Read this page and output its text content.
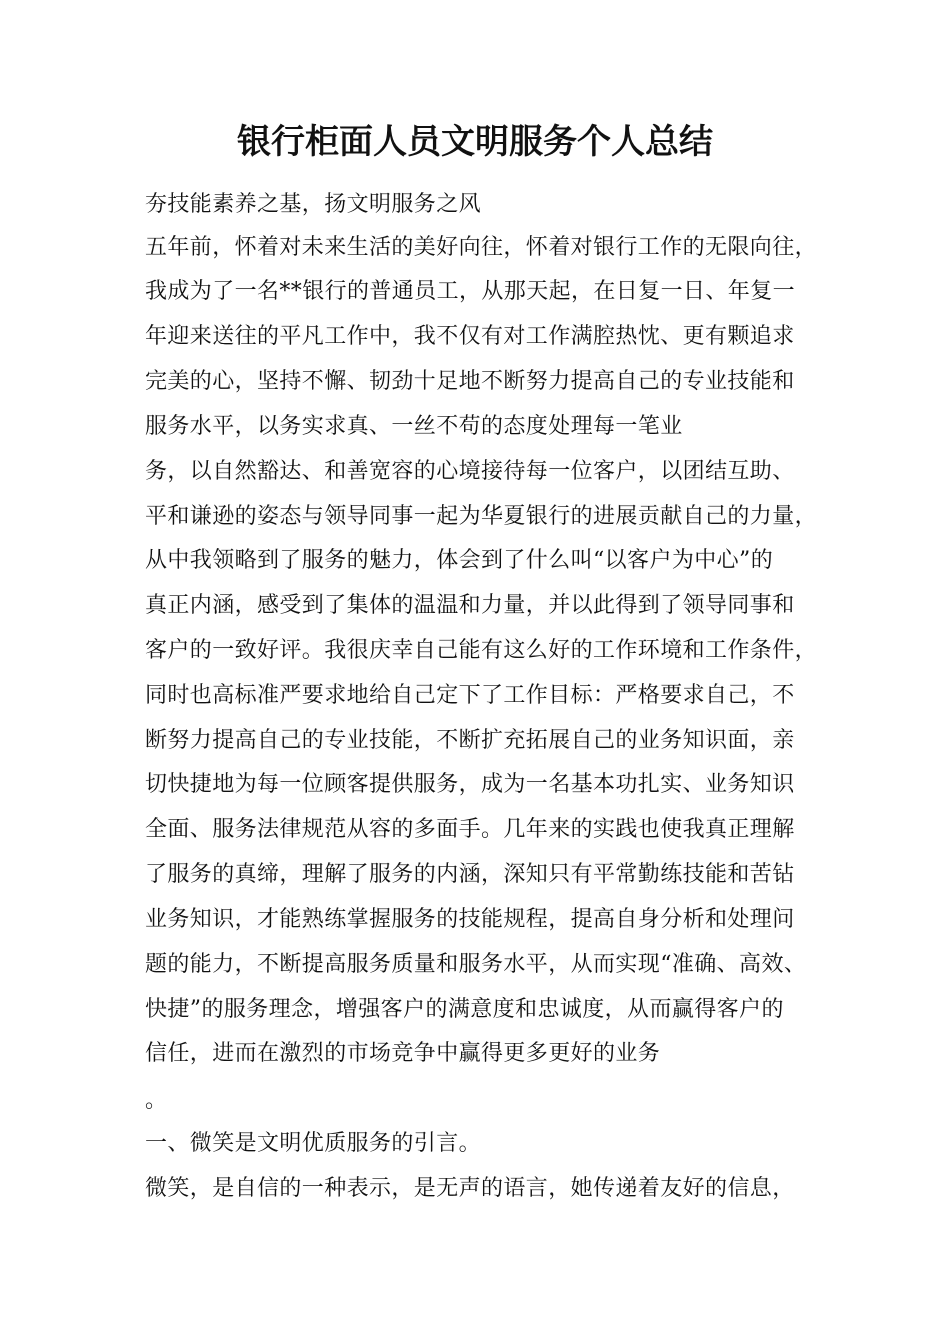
银行柜面人员文明服务个人总结
夯技能素养之基，扬文明服务之风
五年前，怀着对未来生活的美好向往，怀着对银行工作的无限向往，
我成为了一名**银行的普通员工，从那天起，在日复一日、年复一
年迎来送往的平凡工作中，我不仅有对工作满腔热忱、更有颗追求
完美的心，坚持不懈、韧劲十足地不断努力提高自己的专业技能和
服务水平，以务实求真、一丝不苟的态度处理每一笔业
务，以自然豁达、和善宽容的心境接待每一位客户，以团结互助、
平和谦逊的姿态与领导同事一起为华夏银行的进展贡献自己的力量，
从中我领略到了服务的魅力，体会到了什么叫“以客户为中心”的
真正内涵，感受到了集体的温温和力量，并以此得到了领导同事和
客户的一致好评。我很庆幸自己能有这么好的工作环境和工作条件，
同时也高标准严要求地给自己定下了工作目标：严格要求自己，不
断努力提高自己的专业技能，不断扩充拓展自己的业务知识面，亲
切快捷地为每一位顾客提供服务，成为一名基本功扎实、业务知识
全面、服务法律规范从容的多面手。几年来的实践也使我真正理解
了服务的真缔，理解了服务的内涵，深知只有平常勤练技能和苦钻
业务知识，才能熟练掌握服务的技能规程，提高自身分析和处理问
题的能力，不断提高服务质量和服务水平，从而实现“准确、高效、
快捷”的服务理念，增强客户的满意度和忠诚度，从而赢得客户的
信任，进而在激烈的市场竞争中赢得更多更好的业务
。
一、微笑是文明优质服务的引言。
微笑，是自信的一种表示，是无声的语言，她传递着友好的信息，
